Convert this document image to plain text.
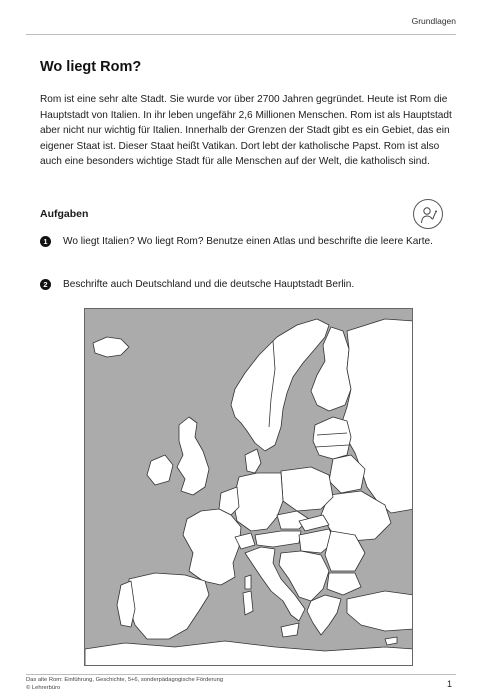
Grundlagen
Wo liegt Rom?

Rom ist eine sehr alte Stadt. Sie wurde vor über 2700 Jahren gegründet. Heute ist Rom die Hauptstadt von Italien. In ihr leben ungefähr 2,6 Millionen Menschen. Rom ist als Hauptstadt aber nicht nur wichtig für Italien. Innerhalb der Grenzen der Stadt gibt es ein Gebiet, das ein eigener Staat ist. Dieser Staat heißt Vatikan. Dort lebt der katholische Papst. Rom ist also auch eine besonders wichtige Stadt für alle Menschen auf der Welt, die katholisch sind.

Aufgaben
1	Wo liegt Italien? Wo liegt Rom? Benutze einen Atlas und beschrifte die leere Karte.
2	Beschrifte auch Deutschland und die deutsche Hauptstadt Berlin.
Das alte Rom: Einführung, Geschichte, 5+6, sonderpädagogische Förderung
© Lehrerbüro	1
